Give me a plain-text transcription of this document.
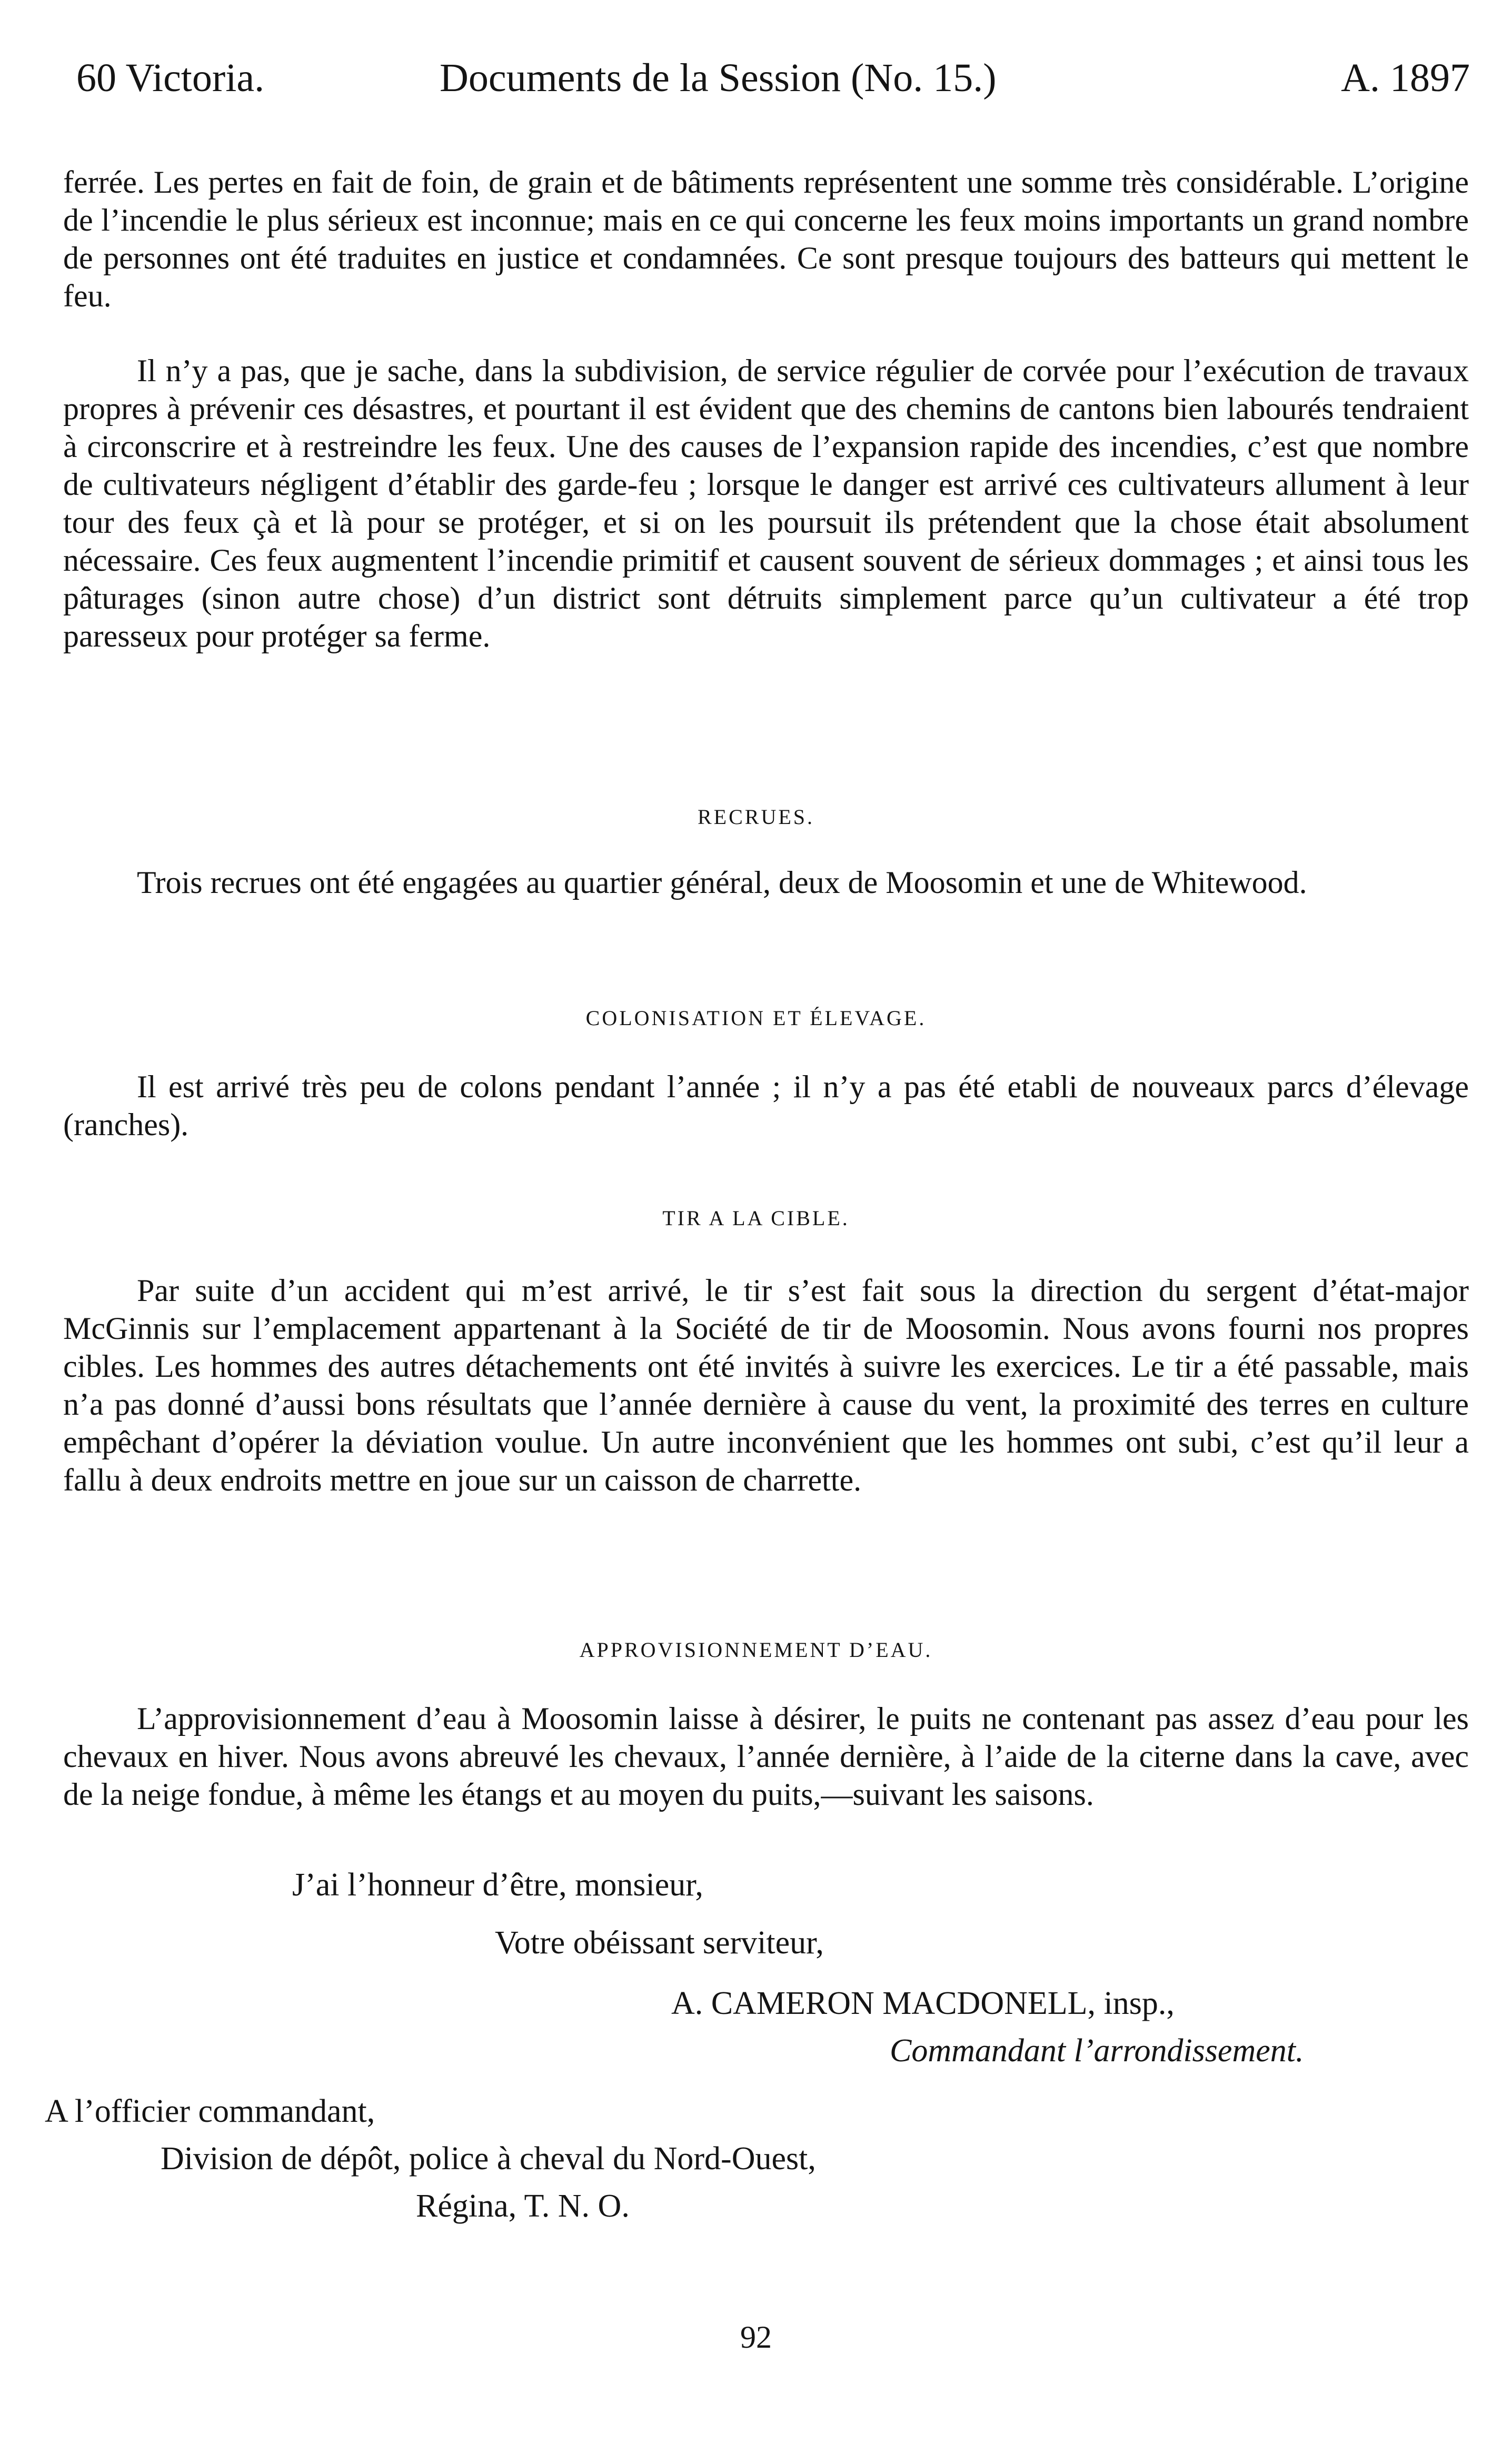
60 Victoria.	Documents de la Session (No. 15.)	A. 1897

ferrée. Les pertes en fait de foin, de grain et de bâtiments représentent une somme très considérable. L’origine de l’incendie le plus sérieux est inconnue; mais en ce qui concerne les feux moins importants un grand nombre de personnes ont été traduites en justice et condamnées. Ce sont presque toujours des batteurs qui mettent le feu.

Il n’y a pas, que je sache, dans la subdivision, de service régulier de corvée pour l’exécution de travaux propres à prévenir ces désastres, et pourtant il est évident que des chemins de cantons bien labourés tendraient à circonscrire et à restreindre les feux. Une des causes de l’expansion rapide des incendies, c’est que nombre de cultivateurs négligent d’établir des garde-feu ; lorsque le danger est arrivé ces cultivateurs allument à leur tour des feux çà et là pour se protéger, et si on les poursuit ils prétendent que la chose était absolument nécessaire. Ces feux augmentent l’incendie primitif et causent souvent de sérieux dommages ; et ainsi tous les pâturages (sinon autre chose) d’un district sont détruits simplement parce qu’un cultivateur a été trop paresseux pour protéger sa ferme.

RECRUES.

Trois recrues ont été engagées au quartier général, deux de Moosomin et une de Whitewood.

COLONISATION ET ÉLEVAGE.

Il est arrivé très peu de colons pendant l’année ; il n’y a pas été etabli de nouveaux parcs d’élevage (ranches).

TIR A LA CIBLE.

Par suite d’un accident qui m’est arrivé, le tir s’est fait sous la direction du sergent d’état-major McGinnis sur l’emplacement appartenant à la Société de tir de Moosomin. Nous avons fourni nos propres cibles. Les hommes des autres détachements ont été invités à suivre les exercices. Le tir a été passable, mais n’a pas donné d’aussi bons résultats que l’année dernière à cause du vent, la proximité des terres en culture empêchant d’opérer la déviation voulue. Un autre inconvénient que les hommes ont subi, c’est qu’il leur a fallu à deux endroits mettre en joue sur un caisson de charrette.

APPROVISIONNEMENT D’EAU.

L’approvisionnement d’eau à Moosomin laisse à désirer, le puits ne contenant pas assez d’eau pour les chevaux en hiver. Nous avons abreuvé les chevaux, l’année dernière, à l’aide de la citerne dans la cave, avec de la neige fondue, à même les étangs et au moyen du puits,—suivant les saisons.

J’ai l’honneur d’être, monsieur,
Votre obéissant serviteur,
A. CAMERON MACDONELL, insp.,
Commandant l’arrondissement.
A l’officier commandant,
Division de dépôt, police à cheval du Nord-Ouest,
Régina, T. N. O.
92
